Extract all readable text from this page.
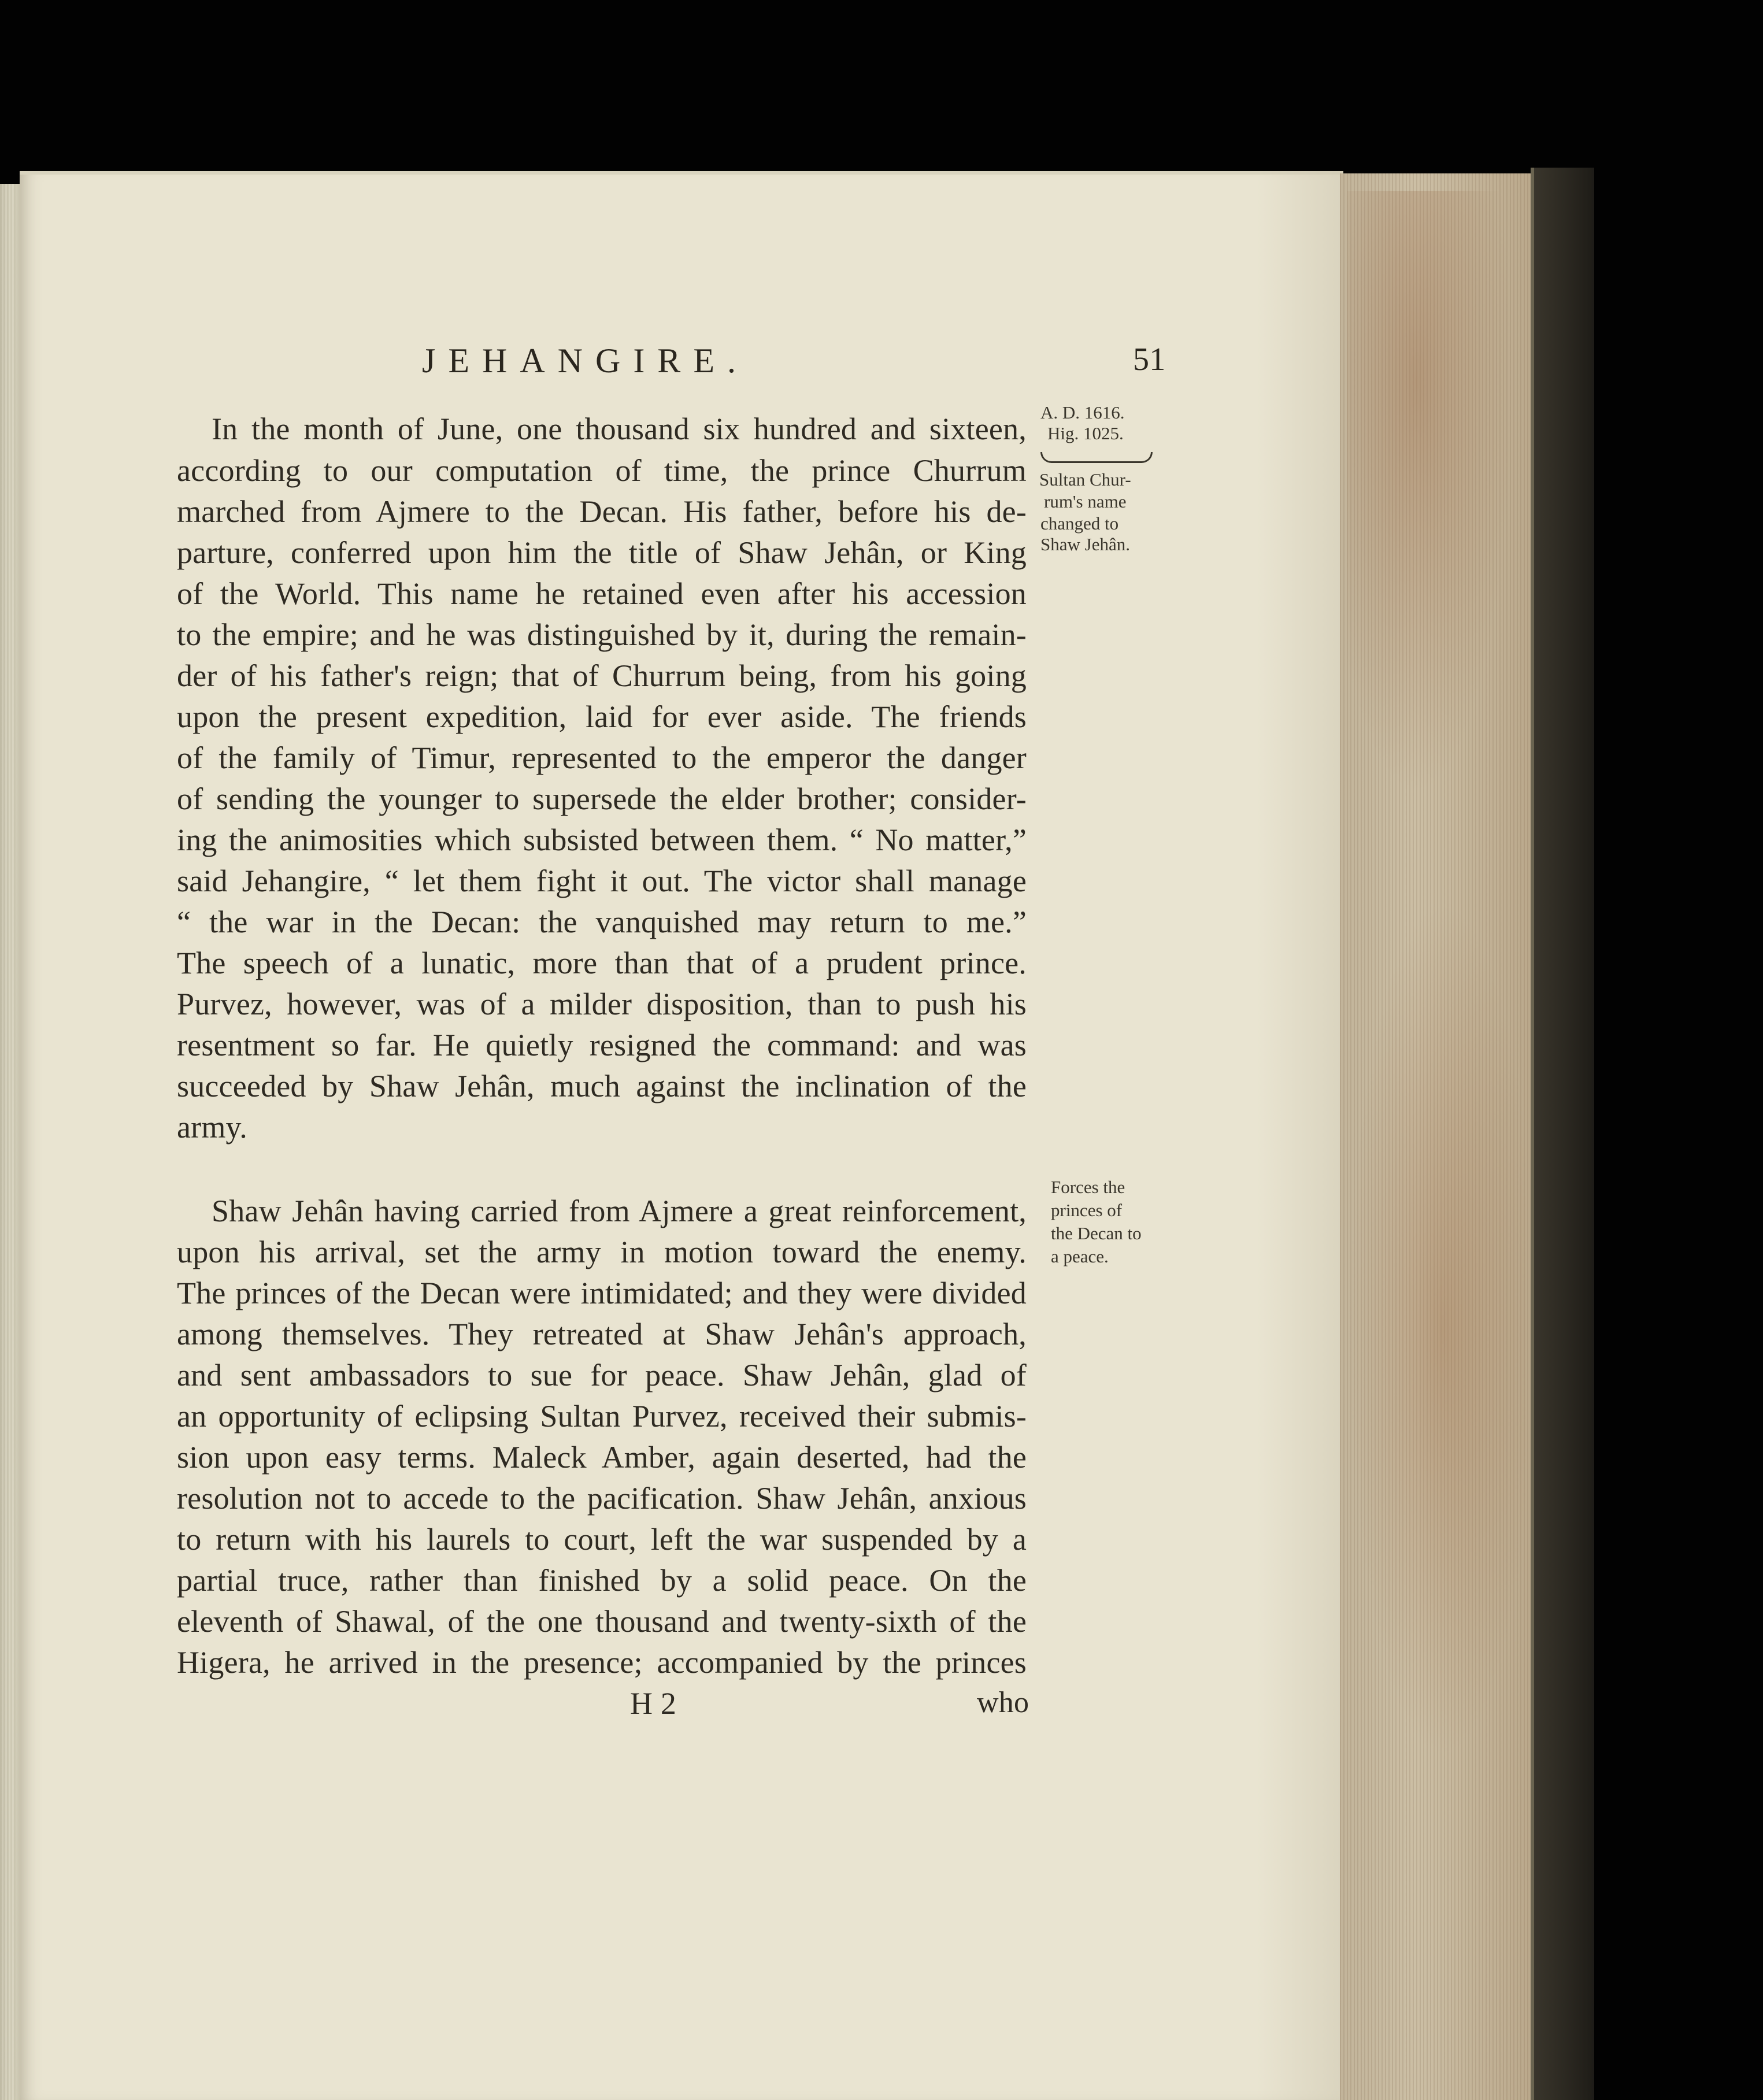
JEHANGIRE.	51

A. D. 1616.

Hig. 1025.

Sultan Chur-

rum's name

changed to

Shaw Jehân.

Forces the

princes of

the Decan to

a peace.

In the month of June, one thousand six hundred and sixteen,

according to our computation of time, the prince Churrum

marched from Ajmere to the Decan. His father, before his de-

parture, conferred upon him the title of Shaw Jehân, or King

of the World. This name he retained even after his accession

to the empire; and he was distinguished by it, during the remain-

der of his father's reign; that of Churrum being, from his going

upon the present expedition, laid for ever aside. The friends

of the family of Timur, represented to the emperor the danger

of sending the younger to supersede the elder brother; consider-

ing the animosities which subsisted between them. “ No matter,”

said Jehangire, “ let them fight it out. The victor shall manage

“ the war in the Decan: the vanquished may return to me.”

The speech of a lunatic, more than that of a prudent prince.

Purvez, however, was of a milder disposition, than to push his

resentment so far. He quietly resigned the command: and was

succeeded by Shaw Jehân, much against the inclination of the

army.

Shaw Jehân having carried from Ajmere a great reinforcement,

upon his arrival, set the army in motion toward the enemy.

The princes of the Decan were intimidated; and they were divided

among themselves. They retreated at Shaw Jehân's approach,

and sent ambassadors to sue for peace. Shaw Jehân, glad of

an opportunity of eclipsing Sultan Purvez, received their submis-

sion upon easy terms. Maleck Amber, again deserted, had the

resolution not to accede to the pacification. Shaw Jehân, anxious

to return with his laurels to court, left the war suspended by a

partial truce, rather than finished by a solid peace. On the

eleventh of Shawal, of the one thousand and twenty-sixth of the

Higera, he arrived in the presence; accompanied by the princes

H 2	who
